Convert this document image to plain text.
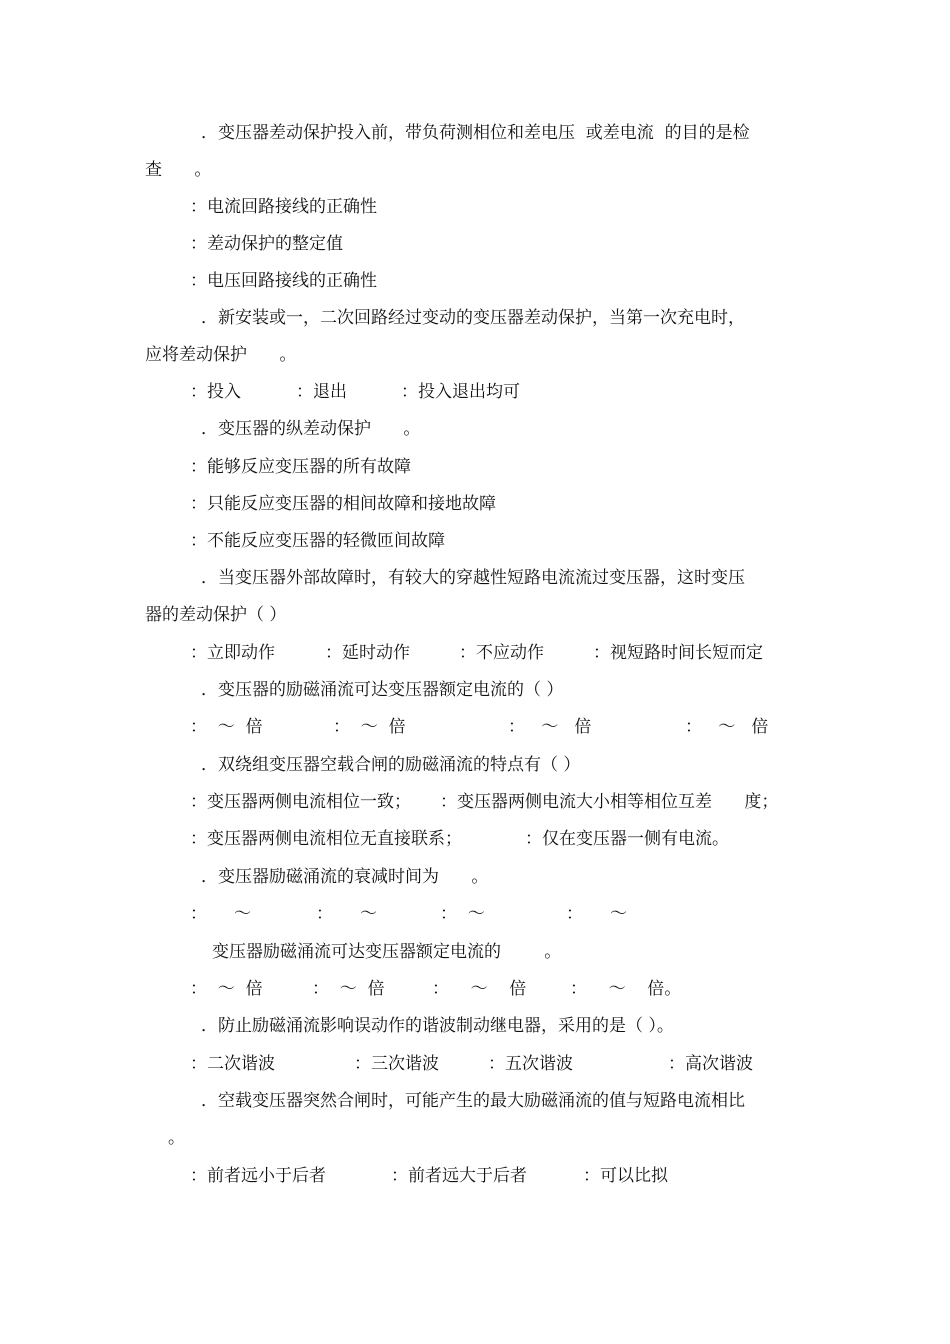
．变压器差动保护投入前，带负荷测相位和差电压  或差电流  的目的是检
查      。
：电流回路接线的正确性
：差动保护的整定值
：电压回路接线的正确性
．新安装或一，二次回路经过变动的变压器差动保护，当第一次充电时，
应将差动保护      。
：投入	：退出	：投入退出均可
．变压器的纵差动保护      。
：能够反应变压器的所有故障
：只能反应变压器的相间故障和接地故障
：不能反应变压器的轻微匝间故障
．当变压器外部故障时，有较大的穿越性短路电流流过变压器，这时变压
器的差动保护（ ）
：立即动作	：延时动作	：不应动作	：视短路时间长短而定
．变压器的励磁涌流可达变压器额定电流的（ ）
：  ～  倍	：  ～  倍	：   ～   倍	：   ～   倍
．双绕组变压器空载合闸的励磁涌流的特点有（ ）
：变压器两侧电流相位一致； ：变压器两侧电流大小相等相位互差      度；
：变压器两侧电流相位无直接联系；	：仅在变压器一侧有电流。
．变压器励磁涌流的衰减时间为      。
：     ～	：     ～	：  ～	：     ～
变压器励磁涌流可达变压器额定电流的        。
：  ～  倍	：  ～  倍	：    ～    倍	：    ～    倍。
．防止励磁涌流影响误动作的谐波制动继电器，采用的是（ ）。
：二次谐波	：三次谐波	：五次谐波	：高次谐波
．空载变压器突然合闸时，可能产生的最大励磁涌流的值与短路电流相比
。
：前者远小于后者	：前者远大于后者	：可以比拟
